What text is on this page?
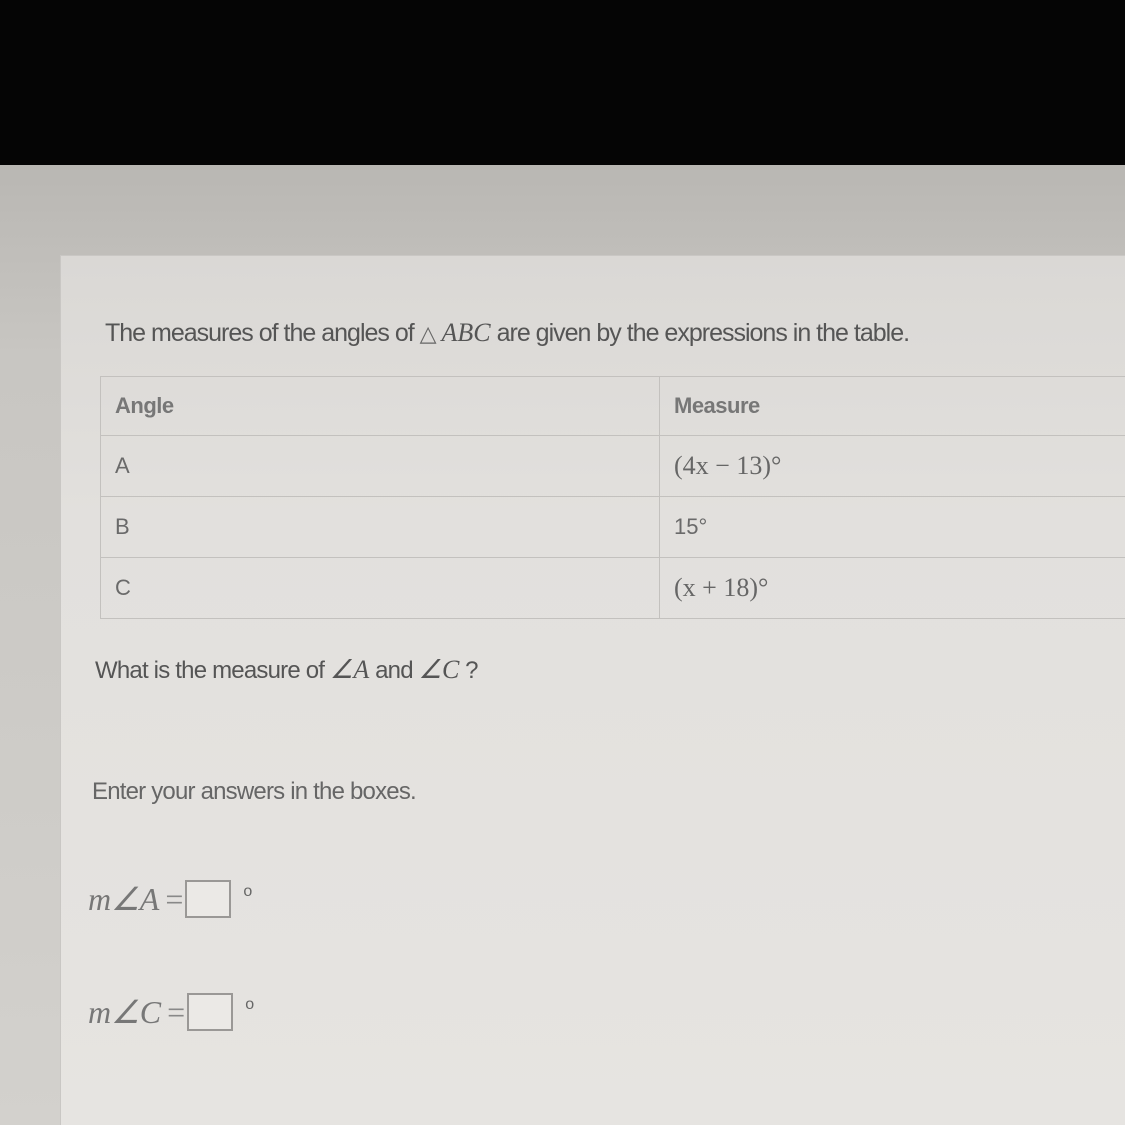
The measures of the angles of △ ABC are given by the expressions in the table.
Angle	Measure
A	(4x − 13)°
B	15°
C	(x + 18)°
What is the measure of ∠A and ∠C ?
Enter your answers in the boxes.
m∠A =	o
m∠C =	o
